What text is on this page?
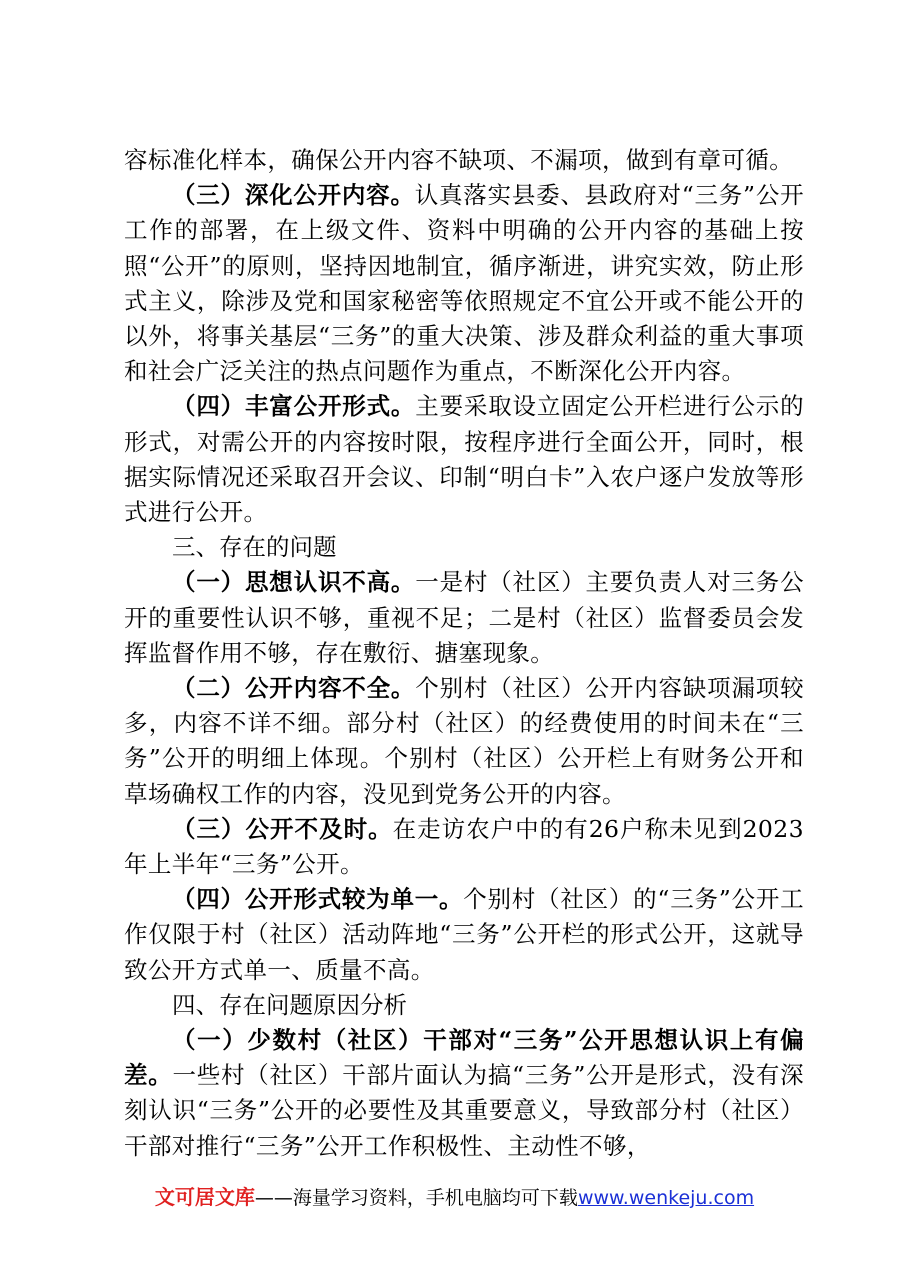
容标准化样本，确保公开内容不缺项、不漏项，做到有章可循。

（三）深化公开内容。认真落实县委、县政府对“三务”公开工作的部署，在上级文件、资料中明确的公开内容的基础上按照“公开”的原则，坚持因地制宜，循序渐进，讲究实效，防止形式主义，除涉及党和国家秘密等依照规定不宜公开或不能公开的以外，将事关基层“三务”的重大决策、涉及群众利益的重大事项和社会广泛关注的热点问题作为重点，不断深化公开内容。

（四）丰富公开形式。主要采取设立固定公开栏进行公示的形式，对需公开的内容按时限，按程序进行全面公开，同时，根据实际情况还采取召开会议、印制“明白卡”入农户逐户发放等形式进行公开。

三、存在的问题

（一）思想认识不高。一是村（社区）主要负责人对三务公开的重要性认识不够，重视不足；二是村（社区）监督委员会发挥监督作用不够，存在敷衍、搪塞现象。

（二）公开内容不全。个别村（社区）公开内容缺项漏项较多，内容不详不细。部分村（社区）的经费使用的时间未在“三务”公开的明细上体现。个别村（社区）公开栏上有财务公开和草场确权工作的内容，没见到党务公开的内容。

（三）公开不及时。在走访农户中的有26户称未见到2023年上半年“三务”公开。

（四）公开形式较为单一。个别村（社区）的“三务”公开工作仅限于村（社区）活动阵地“三务”公开栏的形式公开，这就导致公开方式单一、质量不高。

四、存在问题原因分析

（一）少数村（社区）干部对“三务”公开思想认识上有偏差。一些村（社区）干部片面认为搞“三务”公开是形式，没有深刻认识“三务”公开的必要性及其重要意义，导致部分村（社区）干部对推行“三务”公开工作积极性、主动性不够，

文可居文库——海量学习资料，手机电脑均可下载www.wenkeju.com
